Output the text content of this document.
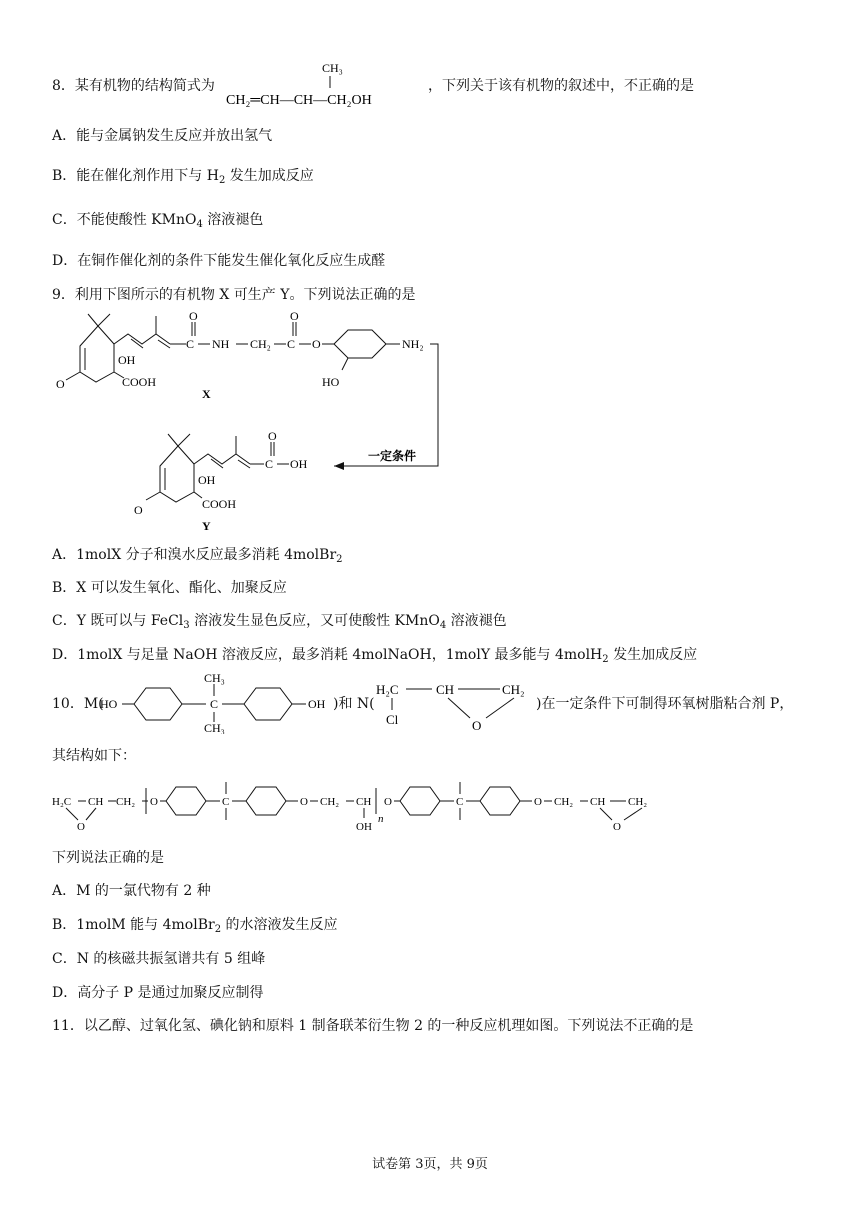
8．某有机物的结构简式为
CH₃
CH₂═CH—CH—CH₂OH
，下列关于该有机物的叙述中，不正确的是
A．能与金属钠发生反应并放出氢气
B．能在催化剂作用下与 $H_2$ 发生加成反应
C．不能使酸性 KMnO$_4$ 溶液褪色
D．在铜作催化剂的条件下能发生催化氧化反应生成醛
9．利用下图所示的有机物 X 可生产 Y。下列说法正确的是
O
OH
COOH
C
O
NH CH₂ C
O
O	NH₂
HO
X
一定条件
O
OH
COOH
C
O
OH
Y
A．1molX 分子和溴水反应最多消耗 4molBr$_2$
B．X 可以发生氧化、酯化、加聚反应
C．Y 既可以与 FeCl$_3$ 溶液发生显色反应，又可使酸性 KMnO$_4$ 溶液褪色
D．1molX 与足量 NaOH 溶液反应，最多消耗 4molNaOH，1molY 最多能与 4molH$_2$ 发生加成反应
10．M(
HO	C
CH₃
CH₃
OH )和 N(
H₂C	CH	CH₂
Cl	O
)在一定条件下可制得环氧树脂粘合剂 P，
其结构如下：
H₂C CH CH₂
O
O	C	O CH₂ CH
OH
n
O	C	O CH₂ CH CH₂
O
下列说法正确的是
A．M 的一氯代物有 2 种
B．1molM 能与 4molBr$_2$ 的水溶液发生反应
C．N 的核磁共振氢谱共有 5 组峰
D．高分子 P 是通过加聚反应制得
11．以乙醇、过氧化氢、碘化钠和原料 1 制备联苯衍生物 2 的一种反应机理如图。下列说法不正确的是
试卷第 3页，共 9页
